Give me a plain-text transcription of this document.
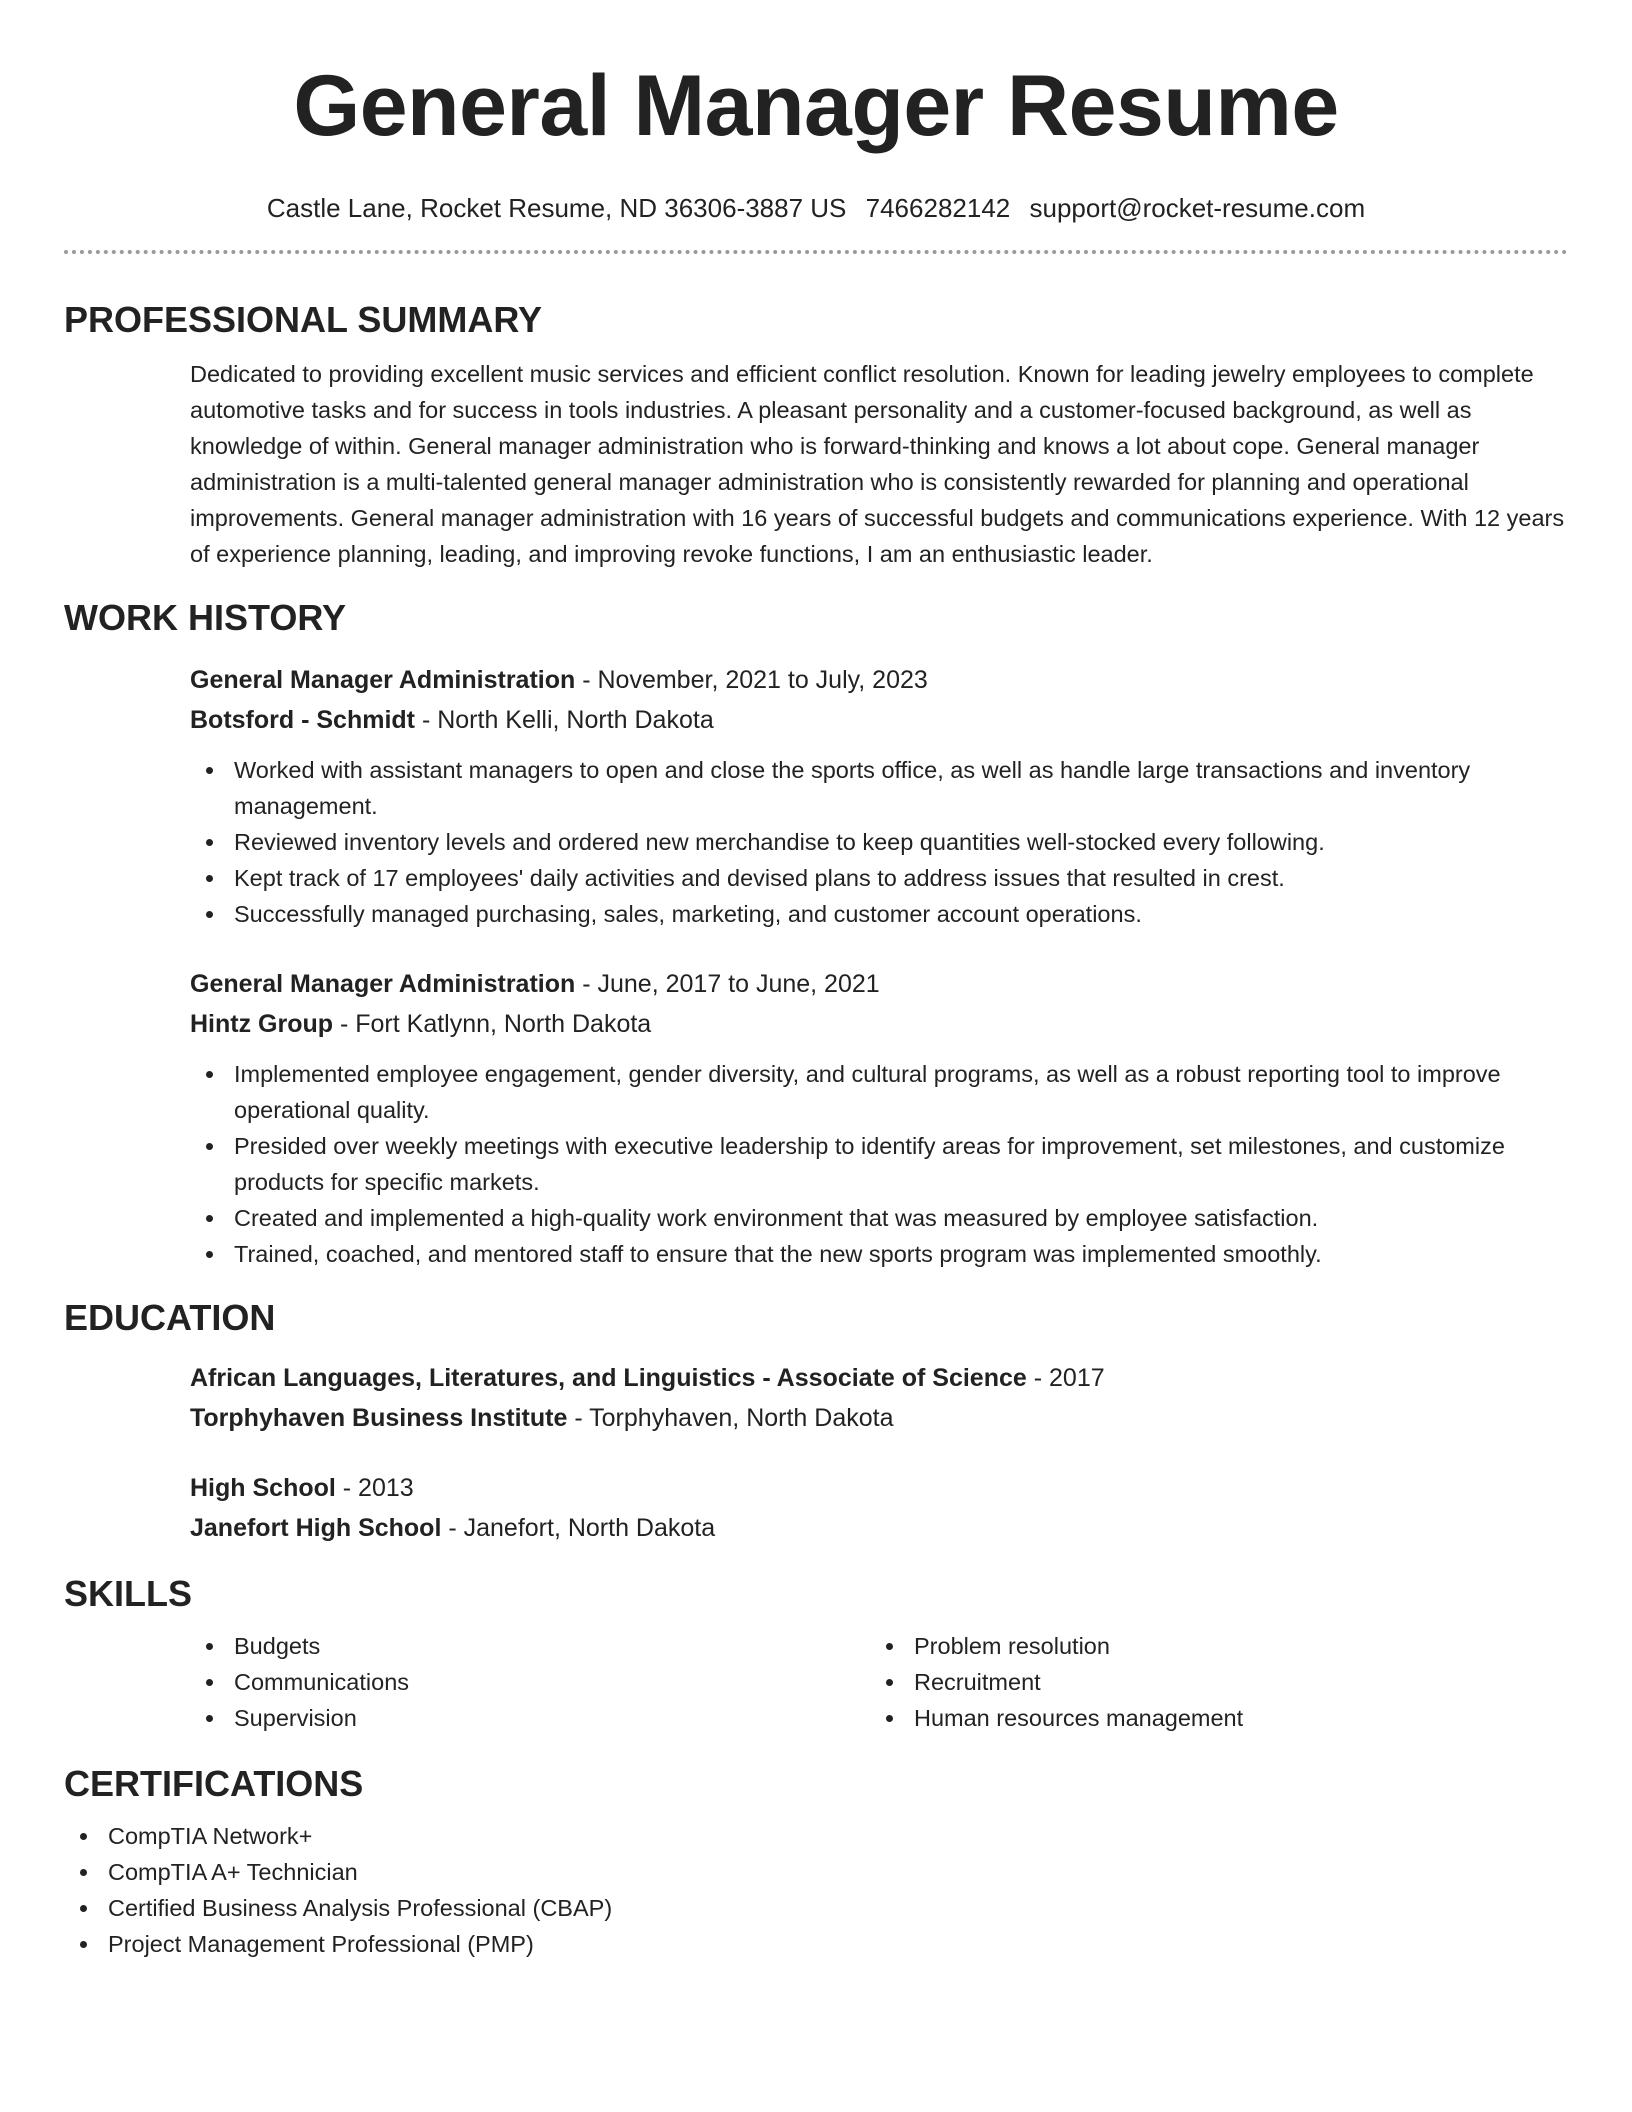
General Manager Resume
Castle Lane, Rocket Resume, ND 36306-3887 US 7466282142 support@rocket-resume.com
PROFESSIONAL SUMMARY

Dedicated to providing excellent music services and efficient conflict resolution. Known for leading jewelry employees to complete automotive tasks and for success in tools industries. A pleasant personality and a customer-focused background, as well as knowledge of within. General manager administration who is forward-thinking and knows a lot about cope. General manager administration is a multi-talented general manager administration who is consistently rewarded for planning and operational improvements. General manager administration with 16 years of successful budgets and communications experience. With 12 years of experience planning, leading, and improving revoke functions, I am an enthusiastic leader.

WORK HISTORY
General Manager Administration - November, 2021 to July, 2023
Botsford - Schmidt - North Kelli, North Dakota
Worked with assistant managers to open and close the sports office, as well as handle large transactions and inventory management.
Reviewed inventory levels and ordered new merchandise to keep quantities well-stocked every following.
Kept track of 17 employees' daily activities and devised plans to address issues that resulted in crest.
Successfully managed purchasing, sales, marketing, and customer account operations.
General Manager Administration - June, 2017 to June, 2021
Hintz Group - Fort Katlynn, North Dakota
Implemented employee engagement, gender diversity, and cultural programs, as well as a robust reporting tool to improve operational quality.
Presided over weekly meetings with executive leadership to identify areas for improvement, set milestones, and customize products for specific markets.
Created and implemented a high-quality work environment that was measured by employee satisfaction.
Trained, coached, and mentored staff to ensure that the new sports program was implemented smoothly.
EDUCATION
African Languages, Literatures, and Linguistics - Associate of Science - 2017
Torphyhaven Business Institute - Torphyhaven, North Dakota
High School - 2013
Janefort High School - Janefort, North Dakota
SKILLS
Budgets
Communications
Supervision
Problem resolution
Recruitment
Human resources management
CERTIFICATIONS
CompTIA Network+
CompTIA A+ Technician
Certified Business Analysis Professional (CBAP)
Project Management Professional (PMP)
